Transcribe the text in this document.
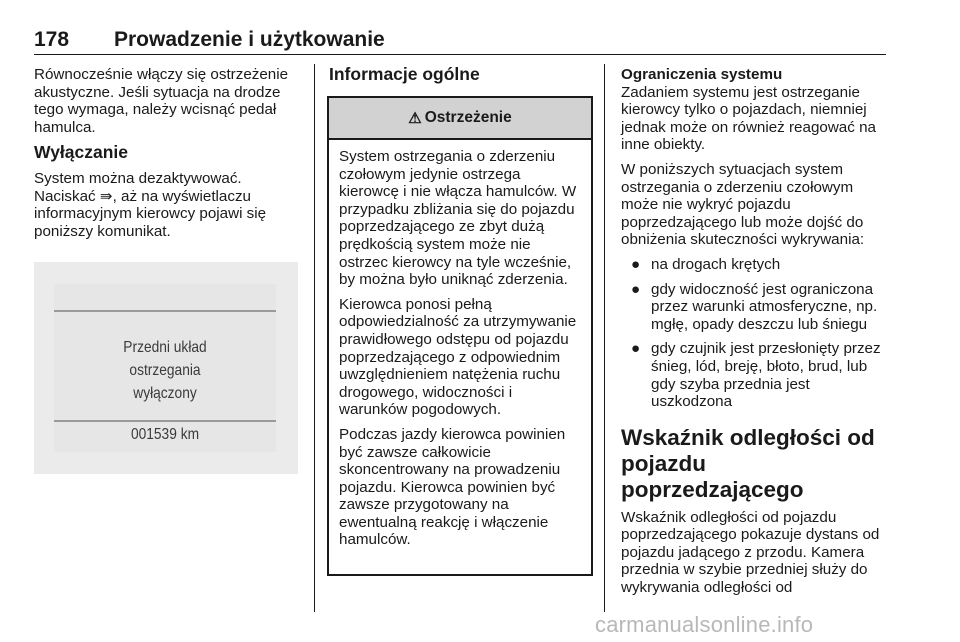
178 Prowadzenie i użytkowanie

Równocześnie włączy się ostrzeżenie akustyczne. Jeśli sytuacja na drodze tego wymaga, należy wcisnąć pedał hamulca.

Wyłączanie

System można dezaktywować. Naciskać ⇛, aż na wyświetlaczu informacyjnym kierowcy pojawi się poniższy komunikat.

Przedni układ
ostrzegania
wyłączony
001539 km
Informacje ogólne
⚠ Ostrzeżenie

System ostrzegania o zderzeniu czołowym jedynie ostrzega kierowcę i nie włącza hamulców. W przypadku zbliżania się do pojazdu poprzedzającego ze zbyt dużą prędkością system może nie ostrzec kierowcy na tyle wcześnie, by można było uniknąć zderzenia.

Kierowca ponosi pełną odpowiedzialność za utrzymywanie prawidłowego odstępu od pojazdu poprzedzającego z odpowiednim uwzględnieniem natężenia ruchu drogowego, widoczności i warunków pogodowych.

Podczas jazdy kierowca powinien być zawsze całkowicie skoncentrowany na prowadzeniu pojazdu. Kierowca powinien być zawsze przygotowany na ewentualną reakcję i włączenie hamulców.

Ograniczenia systemu

Zadaniem systemu jest ostrzeganie kierowcy tylko o pojazdach, niemniej jednak może on również reagować na inne obiekty.

W poniższych sytuacjach system ostrzegania o zderzeniu czołowym może nie wykryć pojazdu poprzedzającego lub może dojść do obniżenia skuteczności wykrywania:

● na drogach krętych
● gdy widoczność jest ograniczona przez warunki atmosferyczne, np. mgłę, opady deszczu lub śniegu
● gdy czujnik jest przesłonięty przez śnieg, lód, breję, błoto, brud, lub gdy szyba przednia jest uszkodzona
Wskaźnik odległości od pojazdu poprzedzającego

Wskaźnik odległości od pojazdu poprzedzającego pokazuje dystans od pojazdu jadącego z przodu. Kamera przednia w szybie przedniej służy do wykrywania odległości od

carmanualsonline.info
